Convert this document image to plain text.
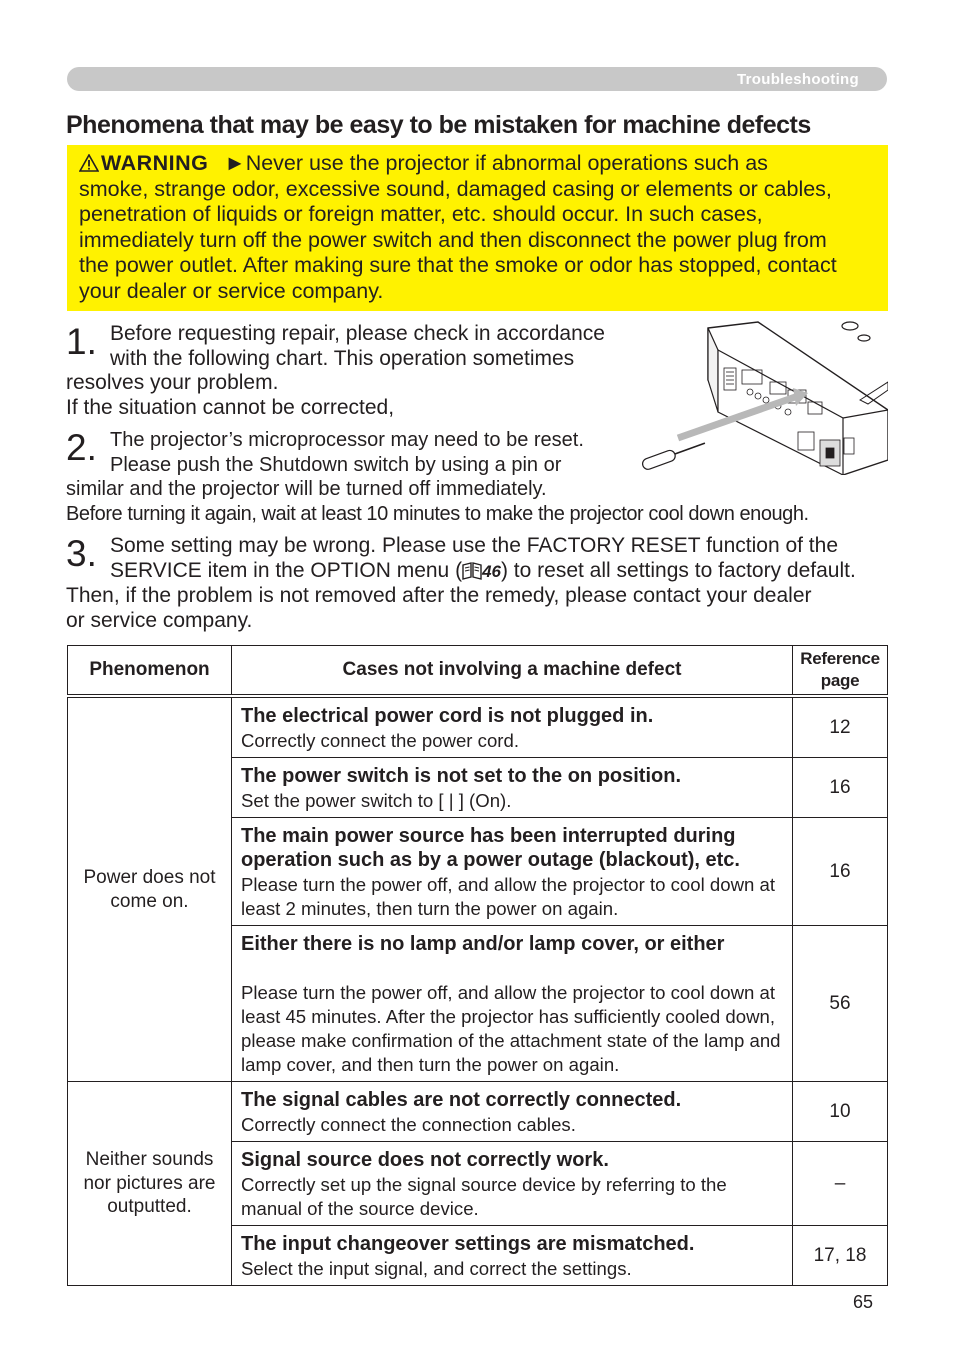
Troubleshooting
Phenomena that may be easy to be mistaken for machine defects
WARNING ►Never use the projector if abnormal operations such as
smoke, strange odor, excessive sound, damaged casing or elements or cables,
penetration of liquids or foreign matter, etc. should occur. In such cases,
immediately turn off the power switch and then disconnect the power plug from
the power outlet. After making sure that the smoke or odor has stopped, contact
your dealer or service company.
1. Before requesting repair, please check in accordance
with the following chart. This operation sometimes
resolves your problem.
If the situation cannot be corrected,
2. The projector’s microprocessor may need to be reset.
Please push the Shutdown switch by using a pin or
similar and the projector will be turned off immediately.
Before turning it again, wait at least 10 minutes to make the projector cool down enough.
3. Some setting may be wrong. Please use the FACTORY RESET function of the
SERVICE item in the OPTION menu ( 46) to reset all settings to factory default.
Then, if the problem is not removed after the remedy, please contact your dealer
or service company.
Phenomenon	Cases not involving a machine defect	Reference
page

Power does not
come on.	The electrical power cord is not plugged in.
Correctly connect the power cord.	12

	The power switch is not set to the on position.
Set the power switch to [ | ] (On).	16

	The main power source has been interrupted during operation such as by a power outage (blackout), etc.
Please turn the power off, and allow the projector to cool down at least 2 minutes, then turn the power on again.	16

	Either there is no lamp and/or lamp cover, or either
Please turn the power off, and allow the projector to cool down at least 45 minutes. After the projector has sufficiently cooled down, please make confirmation of the attachment state of the lamp and lamp cover, and then turn the power on again.	56

Neither sounds
nor pictures are
outputted.	The signal cables are not correctly connected.
Correctly connect the connection cables.	10

	Signal source does not correctly work.
Correctly set up the signal source device by referring to the manual of the source device.	–

	The input changeover settings are mismatched.
Select the input signal, and correct the settings.	17, 18
65
